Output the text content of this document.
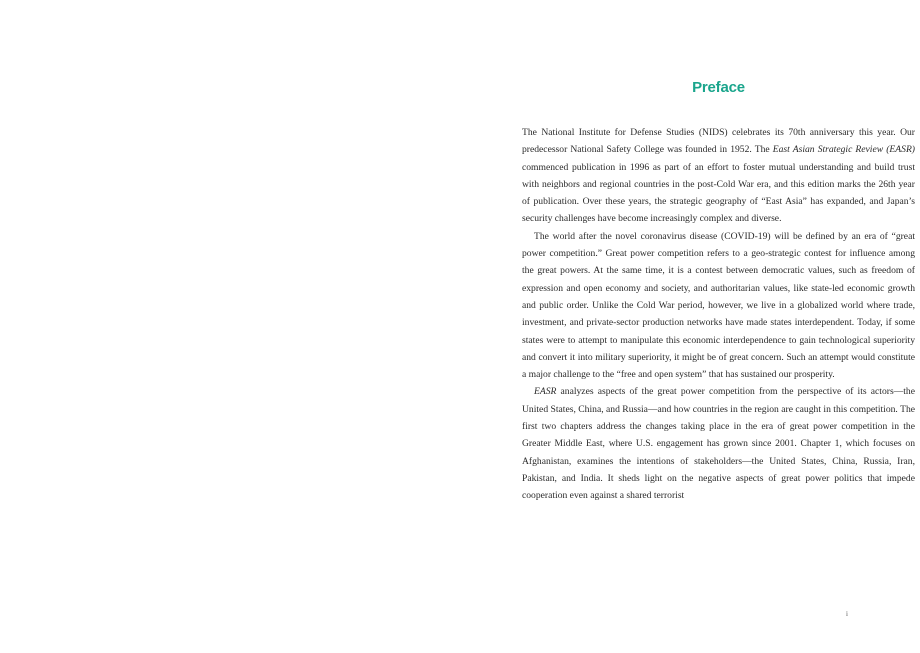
Preface

The National Institute for Defense Studies (NIDS) celebrates its 70th anniversary this year. Our predecessor National Safety College was founded in 1952. The East Asian Strategic Review (EASR) commenced publication in 1996 as part of an effort to foster mutual understanding and build trust with neighbors and regional countries in the post-Cold War era, and this edition marks the 26th year of publication. Over these years, the strategic geography of “East Asia” has expanded, and Japan’s security challenges have become increasingly complex and diverse.

The world after the novel coronavirus disease (COVID-19) will be defined by an era of “great power competition.” Great power competition refers to a geo-strategic contest for influence among the great powers. At the same time, it is a contest between democratic values, such as freedom of expression and open economy and society, and authoritarian values, like state-led economic growth and public order. Unlike the Cold War period, however, we live in a globalized world where trade, investment, and private-sector production networks have made states interdependent. Today, if some states were to attempt to manipulate this economic interdependence to gain technological superiority and convert it into military superiority, it might be of great concern. Such an attempt would constitute a major challenge to the “free and open system” that has sustained our prosperity.

EASR analyzes aspects of the great power competition from the perspective of its actors—the United States, China, and Russia—and how countries in the region are caught in this competition. The first two chapters address the changes taking place in the era of great power competition in the Greater Middle East, where U.S. engagement has grown since 2001. Chapter 1, which focuses on Afghanistan, examines the intentions of stakeholders—the United States, China, Russia, Iran, Pakistan, and India. It sheds light on the negative aspects of great power politics that impede cooperation even against a shared terrorist

i
